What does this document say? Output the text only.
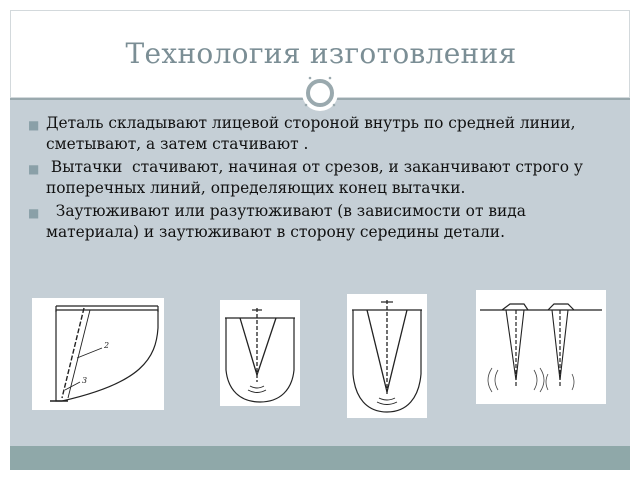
Технология изготовления
■ Деталь складывают лицевой стороной внутрь по средней линии, сметывают, а затем стачивают .
■ Вытачки  стачивают, начиная от срезов, и заканчивают строго у поперечных линий, определяющих конец вытачки.
■ Заутюживают или разутюживают (в зависимости от вида материала) и заутюживают в сторону середины детали.
2
3
